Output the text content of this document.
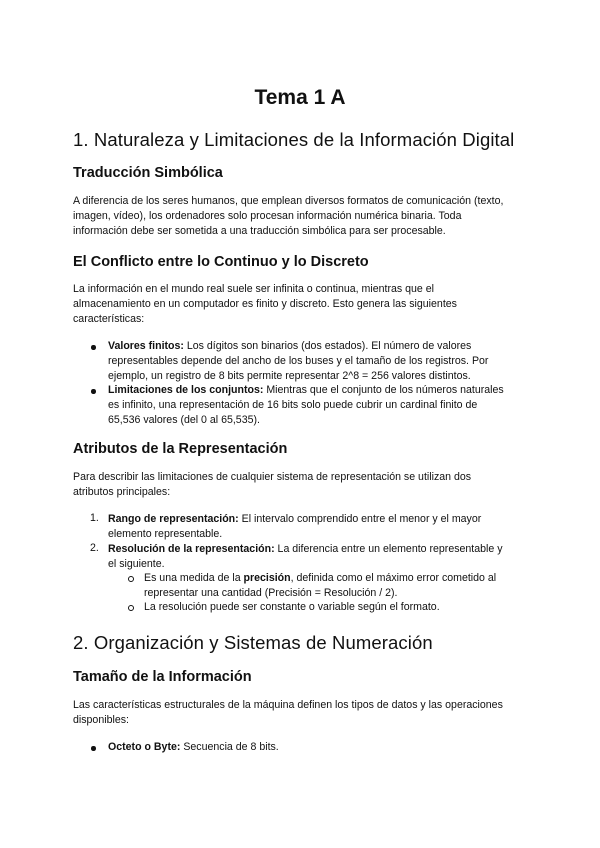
Tema 1 A
1. Naturaleza y Limitaciones de la Información Digital
Traducción Simbólica
A diferencia de los seres humanos, que emplean diversos formatos de comunicación (texto,
imagen, vídeo), los ordenadores solo procesan información numérica binaria. Toda
información debe ser sometida a una traducción simbólica para ser procesable.
El Conflicto entre lo Continuo y lo Discreto
La información en el mundo real suele ser infinita o continua, mientras que el
almacenamiento en un computador es finito y discreto. Esto genera las siguientes
características:
Valores finitos: Los dígitos son binarios (dos estados). El número de valores
representables depende del ancho de los buses y el tamaño de los registros. Por
ejemplo, un registro de 8 bits permite representar 2^8 = 256 valores distintos.
Limitaciones de los conjuntos: Mientras que el conjunto de los números naturales
es infinito, una representación de 16 bits solo puede cubrir un cardinal finito de
65,536 valores (del 0 al 65,535).
Atributos de la Representación
Para describir las limitaciones de cualquier sistema de representación se utilizan dos
atributos principales:
1. Rango de representación: El intervalo comprendido entre el menor y el mayor
elemento representable.
2. Resolución de la representación: La diferencia entre un elemento representable y
el siguiente.
Es una medida de la precisión, definida como el máximo error cometido al
representar una cantidad (Precisión = Resolución / 2).
La resolución puede ser constante o variable según el formato.
2. Organización y Sistemas de Numeración
Tamaño de la Información
Las características estructurales de la máquina definen los tipos de datos y las operaciones
disponibles:
Octeto o Byte: Secuencia de 8 bits.
